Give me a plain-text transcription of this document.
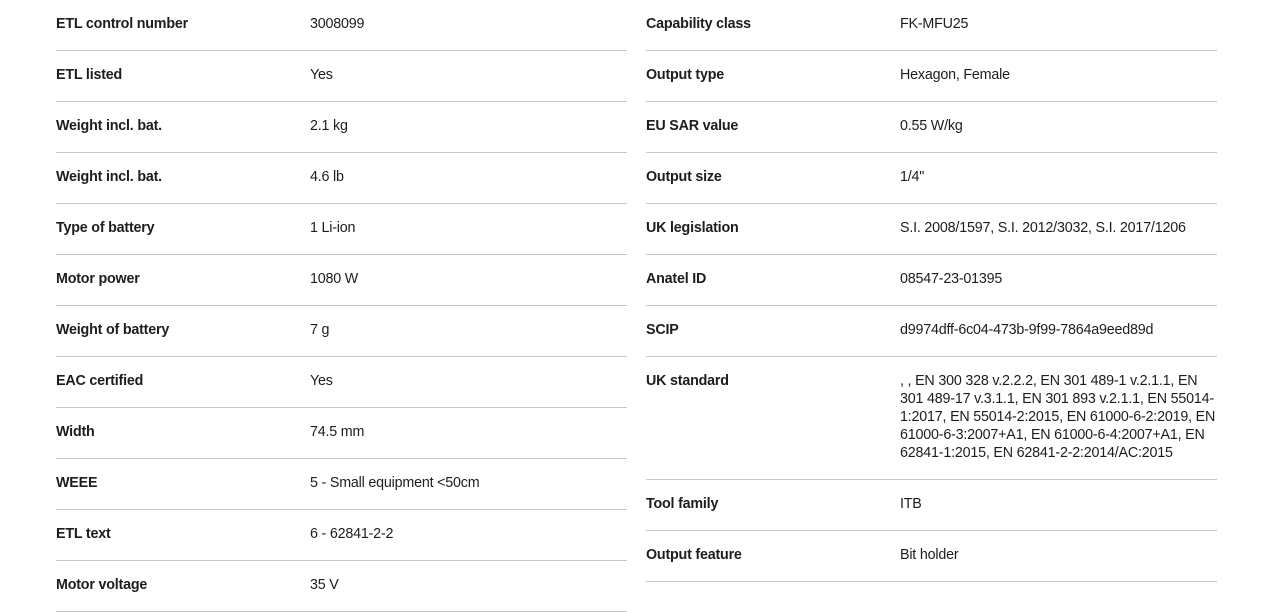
ETL control number	3008099
ETL listed	Yes
Weight incl. bat.	2.1 kg
Weight incl. bat.	4.6 lb
Type of battery	1 Li-ion
Motor power	1080 W
Weight of battery	7 g
EAC certified	Yes
Width	74.5 mm
WEEE	5 - Small equipment <50cm
ETL text	6 - 62841-2-2
Motor voltage	35 V
Capability class	FK-MFU25
Output type	Hexagon, Female
EU SAR value	0.55 W/kg
Output size	1/4"
UK legislation	S.I. 2008/1597, S.I. 2012/3032, S.I. 2017/1206
Anatel ID	08547-23-01395
SCIP	d9974dff-6c04-473b-9f99-7864a9eed89d
UK standard	, , EN 300 328 v.2.2.2, EN 301 489-1 v.2.1.1, EN 301 489-17 v.3.1.1, EN 301 893 v.2.1.1, EN 55014-1:2017, EN 55014-2:2015, EN 61000-6-2:2019, EN 61000-6-3:2007+A1, EN 61000-6-4:2007+A1, EN 62841-1:2015, EN 62841-2-2:2014/AC:2015
Tool family	ITB
Output feature	Bit holder
